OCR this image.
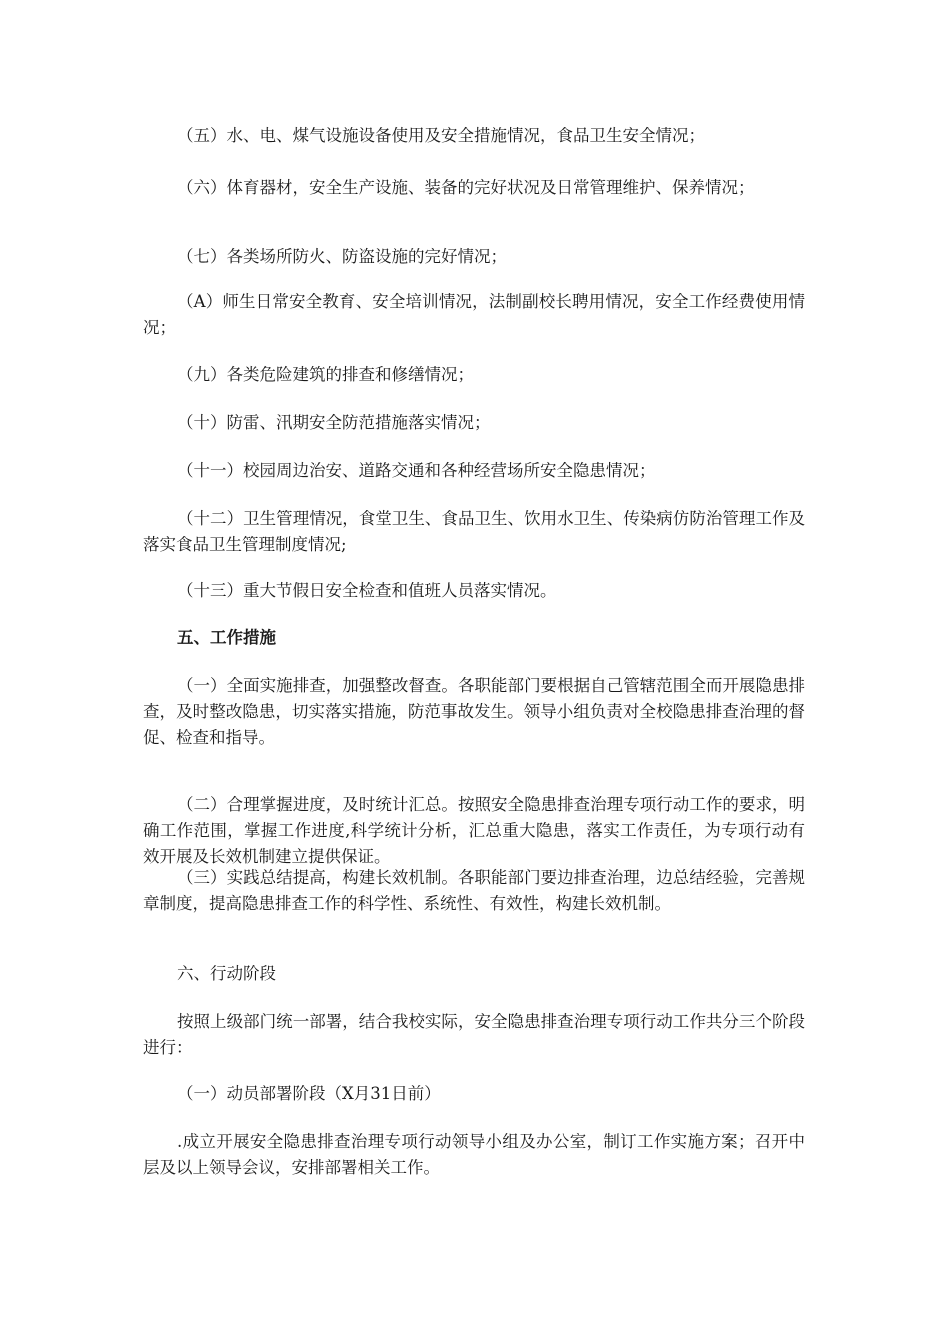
（五）水、电、煤气设施设备使用及安全措施情况，食品卫生安全情况；

（六）体育器材，安全生产设施、装备的完好状况及日常管理维护、保养情况；

（七）各类场所防火、防盗设施的完好情况；

（A）师生日常安全教育、安全培训情况，法制副校长聘用情况，安全工作经费使用情况；

（九）各类危险建筑的排查和修缮情况；

（十）防雷、汛期安全防范措施落实情况；

（十一）校园周边治安、道路交通和各种经营场所安全隐患情况；

（十二）卫生管理情况，食堂卫生、食品卫生、饮用水卫生、传染病仿防治管理工作及落实食品卫生管理制度情况;

（十三）重大节假日安全检查和值班人员落实情况。

五、工作措施

（一）全面实施排查，加强整改督查。各职能部门要根据自己管辖范围全而开展隐患排查，及时整改隐患，切实落实措施，防范事故发生。领导小组负责对全校隐患排查治理的督促、检查和指导。

（二）合理掌握进度，及时统计汇总。按照安全隐患排查治理专项行动工作的要求，明确工作范围，掌握工作进度,科学统计分析，汇总重大隐患，落实工作责任，为专项行动有效开展及长效机制建立提供保证。

（三）实践总结提高，构建长效机制。各职能部门要边排查治理，边总结经验，完善规章制度，提高隐患排查工作的科学性、系统性、有效性，构建长效机制。

六、行动阶段

按照上级部门统一部署，结合我校实际，安全隐患排查治理专项行动工作共分三个阶段进行：

（一）动员部署阶段（X月31日前）

.成立开展安全隐患排查治理专项行动领导小组及办公室，制订工作实施方案；召开中层及以上领导会议，安排部署相关工作。
